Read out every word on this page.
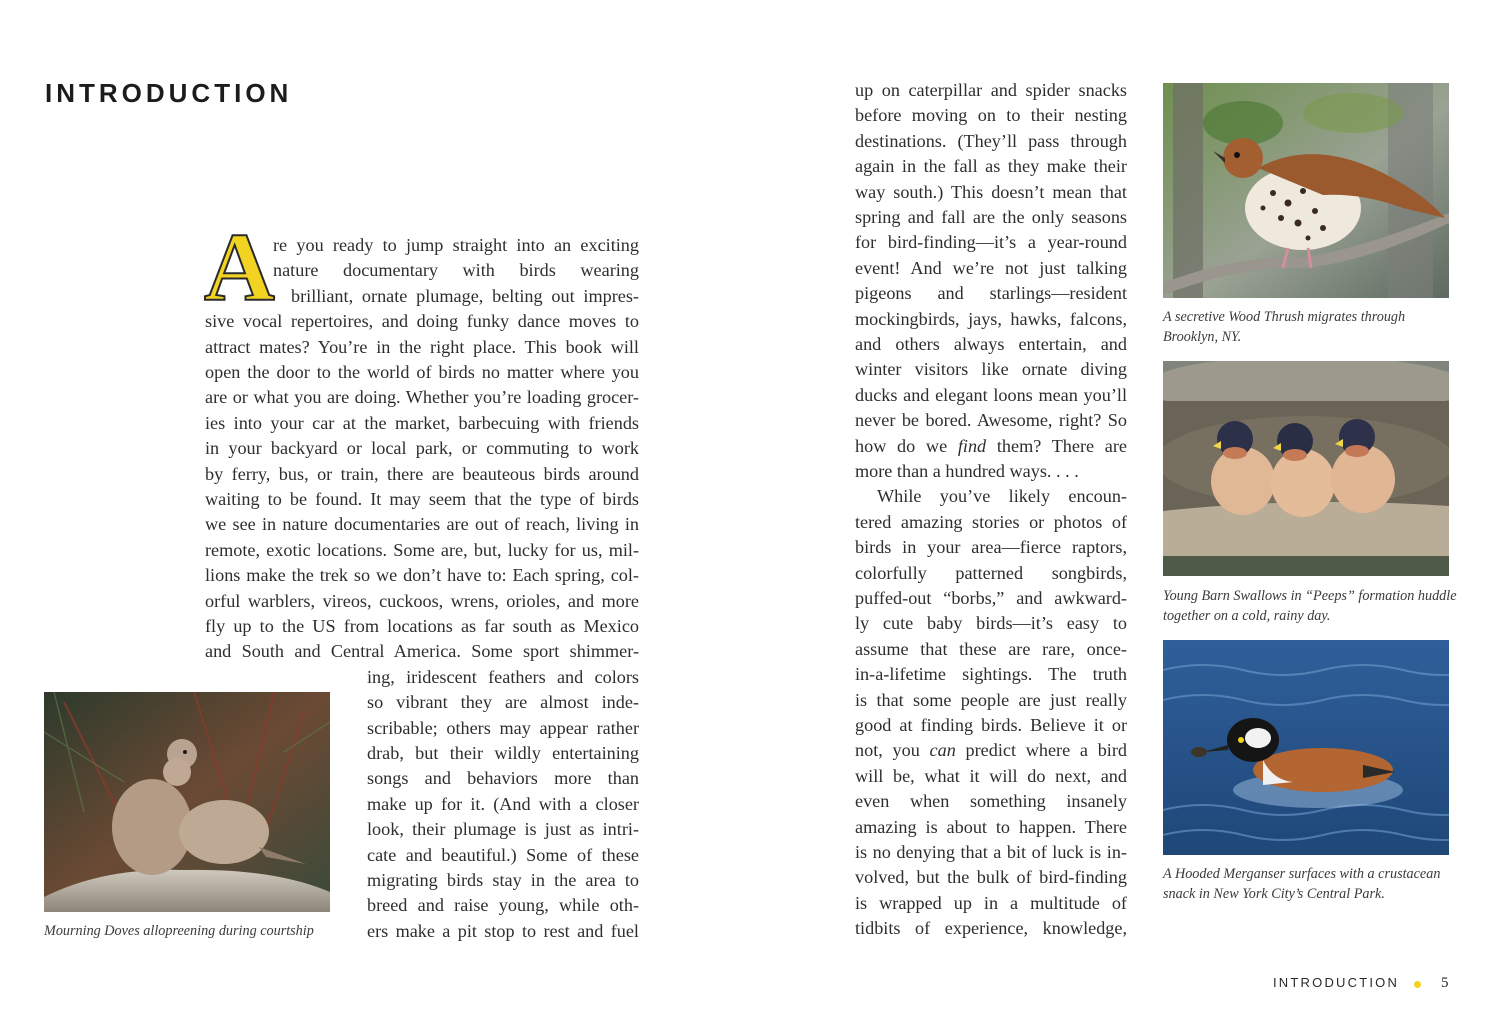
INTRODUCTION
A
re you ready to jump straight into an exciting
nature documentary with birds wearing
brilliant, ornate plumage, belting out impres-
sive vocal repertoires, and doing funky dance moves to
attract mates? You’re in the right place. This book will
open the door to the world of birds no matter where you
are or what you are doing. Whether you’re loading grocer-
ies into your car at the market, barbecuing with friends
in your backyard or local park, or commuting to work
by ferry, bus, or train, there are beauteous birds around
waiting to be found. It may seem that the type of birds
we see in nature documentaries are out of reach, living in
remote, exotic locations. Some are, but, lucky for us, mil-
lions make the trek so we don’t have to: Each spring, col-
orful warblers, vireos, cuckoos, wrens, orioles, and more
fly up to the US from locations as far south as Mexico
and South and Central America. Some sport shimmer-
ing, iridescent feathers and colors
so vibrant they are almost inde-
scribable; others may appear rather
drab, but their wildly entertaining
songs and behaviors more than
make up for it. (And with a closer
look, their plumage is just as intri-
cate and beautiful.) Some of these
migrating birds stay in the area to
breed and raise young, while oth-
ers make a pit stop to rest and fuel
up on caterpillar and spider snacks
before moving on to their nesting
destinations. (They’ll pass through
again in the fall as they make their
way south.) This doesn’t mean that
spring and fall are the only seasons
for bird-finding—it’s a year-round
event! And we’re not just talking
pigeons and starlings—resident
mockingbirds, jays, hawks, falcons,
and others always entertain, and
winter visitors like ornate diving
ducks and elegant loons mean you’ll
never be bored. Awesome, right? So
how do we find them? There are
more than a hundred ways. . . .
While you’ve likely encoun-
tered amazing stories or photos of
birds in your area—fierce raptors,
colorfully patterned songbirds,
puffed-out “borbs,” and awkward-
ly cute baby birds—it’s easy to
assume that these are rare, once-
in-a-lifetime sightings. The truth
is that some people are just really
good at finding birds. Believe it or
not, you can predict where a bird
will be, what it will do next, and
even when something insanely
amazing is about to happen. There
is no denying that a bit of luck is in-
volved, but the bulk of bird-finding
is wrapped up in a multitude of
tidbits of experience, knowledge,
Mourning Doves allopreening during courtship
A secretive Wood Thrush migrates through Brooklyn, NY.
Young Barn Swallows in “Peeps” formation huddle together on a cold, rainy day.
A Hooded Merganser surfaces with a crustacean snack in New York City’s Central Park.
INTRODUCTION	5
